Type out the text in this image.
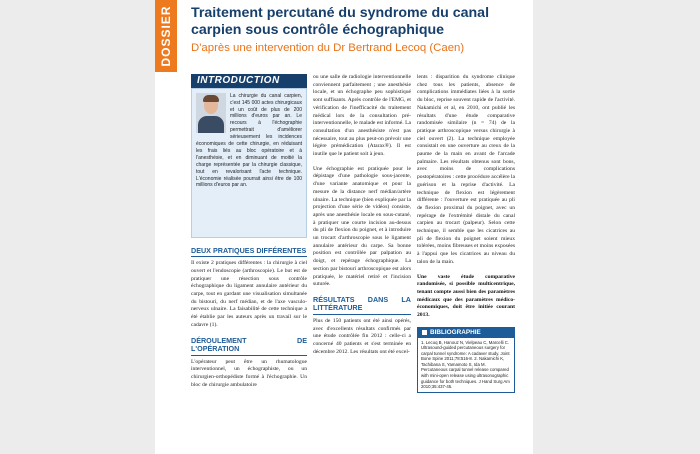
DOSSIER Traitement percutané du syndrome du canal carpien sous contrôle échographique
D'après une intervention du Dr Bertrand Lecoq (Caen)
INTRODUCTION
La chirurgie du canal carpien, c'est 145 000 actes chirurgicaux et un coût de plus de 200 millions d'euros par an. Le recours à l'échographie permettrait d'améliorer sérieusement les incidences économiques de cette chirurgie, en réduisant les frais liés au bloc opératoire et à l'anesthésie, et en diminuant de moitié la charge représentée par la chirurgie classique, tout en revalorisant l'acte technique. L'économie réalisée pourrait ainsi être de 100 millions d'euros par an.
DEUX PRATIQUES DIFFÉRENTES

Il existe 2 pratiques différentes : la chirurgie à ciel ouvert et l'endoscopie (arthroscopie). Le but est de pratiquer une résection sous contrôle échographique du ligament annulaire antérieur du carpe, tout en gardant une visualisation simultanée du bistouri, du nerf médian, et de l'axe vasculo-nerveux ulnaire. La faisabilité de cette technique a été établie par les auteurs après un travail sur le cadavre (1).

DÉROULEMENT DE L'OPÉRATION

L'opérateur peut être un rhumatologue interventionnel, un échographiste, ou un chirurgien-orthopédiste formé à l'échographie. Un bloc de chirurgie ambulatoire

ou une salle de radiologie interventionnelle conviennent parfaitement ; une anesthésie locale, et un échographe peu sophistiqué sont suffisants. Après contrôle de l'EMG, et vérification de l'inefficacité du traitement médical lors de la consultation pré-interventionnelle, le malade est informé. La consultation d'un anesthésiste n'est pas nécessaire, tout au plus peut-on prévoir une légère prémédication (Atarax®). Il est inutile que le patient soit à jeun.

Une échographie est pratiquée pour le dépistage d'une pathologie sous-jacente, d'une variante anatomique et pour la mesure de la distance nerf médian/artère ulnaire. La technique (bien expliquée par la projection d'une série de vidéos) consiste, après une anesthésie locale en sous-cutané, à pratiquer une courte incision au-dessus du pli de flexion du poignet, et à introduire un trocart d'arthroscopie sous le ligament annulaire antérieur du carpe. Sa bonne position est contrôlée par palpation au doigt, et repérage échographique. La section par bistouri arthroscopique est alors pratiquée, le matériel retiré et l'incision suturée.

RÉSULTATS DANS LA LITTÉRATURE

Plus de 150 patients ont été ainsi opérés, avec d'excellents résultats confirmés par une étude contrôlée fin 2012 : celle-ci a concerné 40 patients et s'est terminée en décembre 2012. Les résultats ont été excel-

lents : disparition du syndrome clinique chez tous les patients, absence de complications immédiates liées à la sortie du bloc, reprise souvent rapide de l'activité. Nakamichi et al, en 2010, ont publié les résultats d'une étude comparative randomisée similaire (n = 74) de la pratique arthroscopique versus chirurgie à ciel ouvert (2). La technique employée consistait en une ouverture au creux de la paume de la main en avant de l'arcade palmaire. Les résultats obtenus sont bons, avec moins de complications postopératoires : cette procédure accélère la guérison et la reprise d'activité. La technique de flexion est légèrement différente : l'ouverture est pratiquée au pli de flexion proximal du poignet, avec un repérage de l'extrémité distale du canal carpien au trocart (palpeur). Selon cette technique, il semble que les cicatrices au pli de flexion du poignet soient mieux tolérées, moins fibreuses et moins exposées à l'appui que les cicatrices au niveau du talon de la main.

Une vaste étude comparative randomisée, si possible multicentrique, tenant compte aussi bien des paramètres médicaux que des paramètres médico-économiques, doit être initiée courant 2013.

BIBLIOGRAPHIE
1. Lecoq B, Hanouz N, Vielpeau C, Marcelli C. Ultrasound-guided percutaneous surgery for carpal tunnel syndrome: A cadaver study. Joint Bone Spine 2011;78:516-8. 2. Nakamichi K, Tachibana S, Yamamoto S, Ida M. Percutaneous carpal tunnel release compared with mini-open release using ultrasonographic guidance for both techniques. J Hand Surg Am 2010;35:437-45.
